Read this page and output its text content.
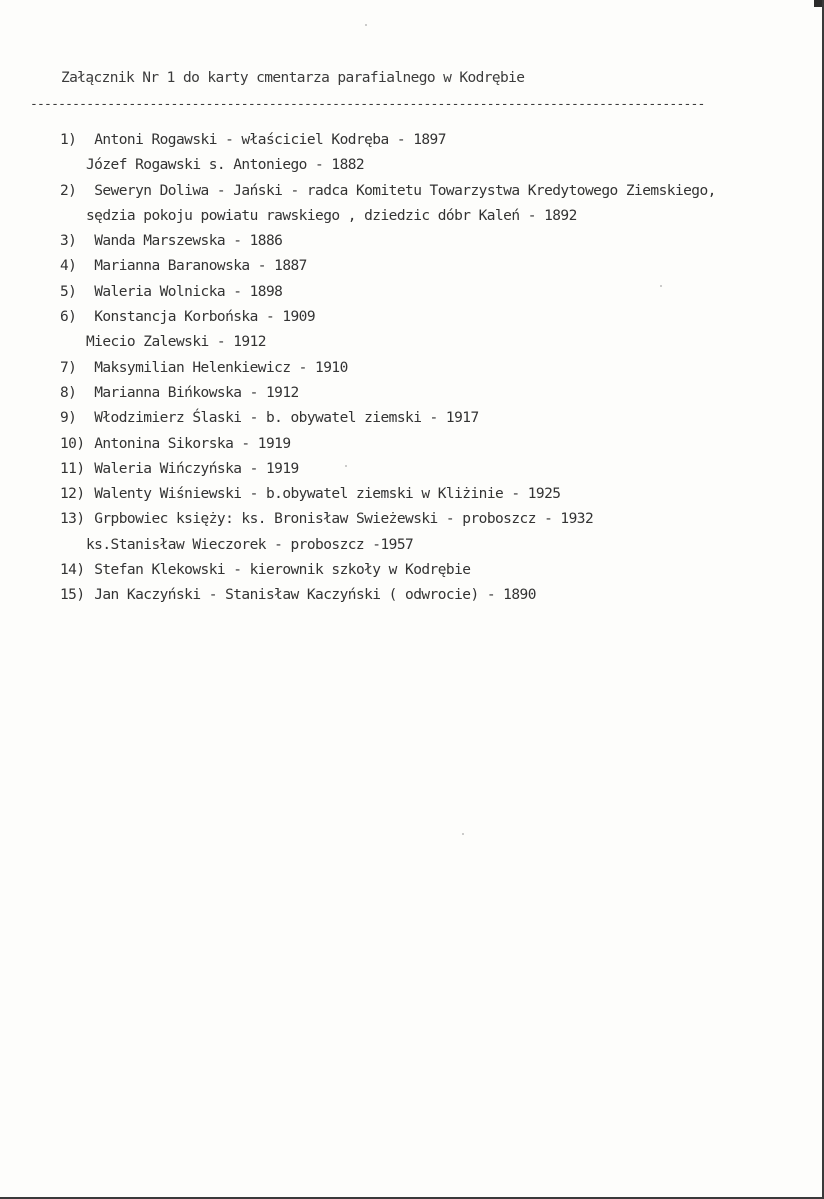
Załącznik Nr 1 do karty cmentarza parafialnego w Kodrębie
------------------------------------------------------------------------------------------------
1) Antoni Rogawski - właściciel Kodręba - 1897
Józef Rogawski s. Antoniego - 1882
2) Seweryn Doliwa - Jański - radca Komitetu Towarzystwa Kredytowego Ziemskiego,
sędzia pokoju powiatu rawskiego , dziedzic dóbr Kaleń - 1892
3) Wanda Marszewska - 1886
4) Marianna Baranowska - 1887
5) Waleria Wolnicka - 1898
6) Konstancja Korbońska - 1909
Miecio Zalewski - 1912
7) Maksymilian Helenkiewicz - 1910
8) Marianna Bińkowska - 1912
9) Włodzimierz Ślaski - b. obywatel ziemski - 1917
10) Antonina Sikorska - 1919
11) Waleria Wińczyńska - 1919
12) Walenty Wiśniewski - b.obywatel ziemski w Kliżinie - 1925
13) Grpbowiec księży: ks. Bronisław Swieżewski - proboszcz - 1932
ks.Stanisław Wieczorek - proboszcz -1957
14) Stefan Klekowski - kierownik szkoły w Kodrębie
15) Jan Kaczyński - Stanisław Kaczyński ( odwrocie) - 1890
